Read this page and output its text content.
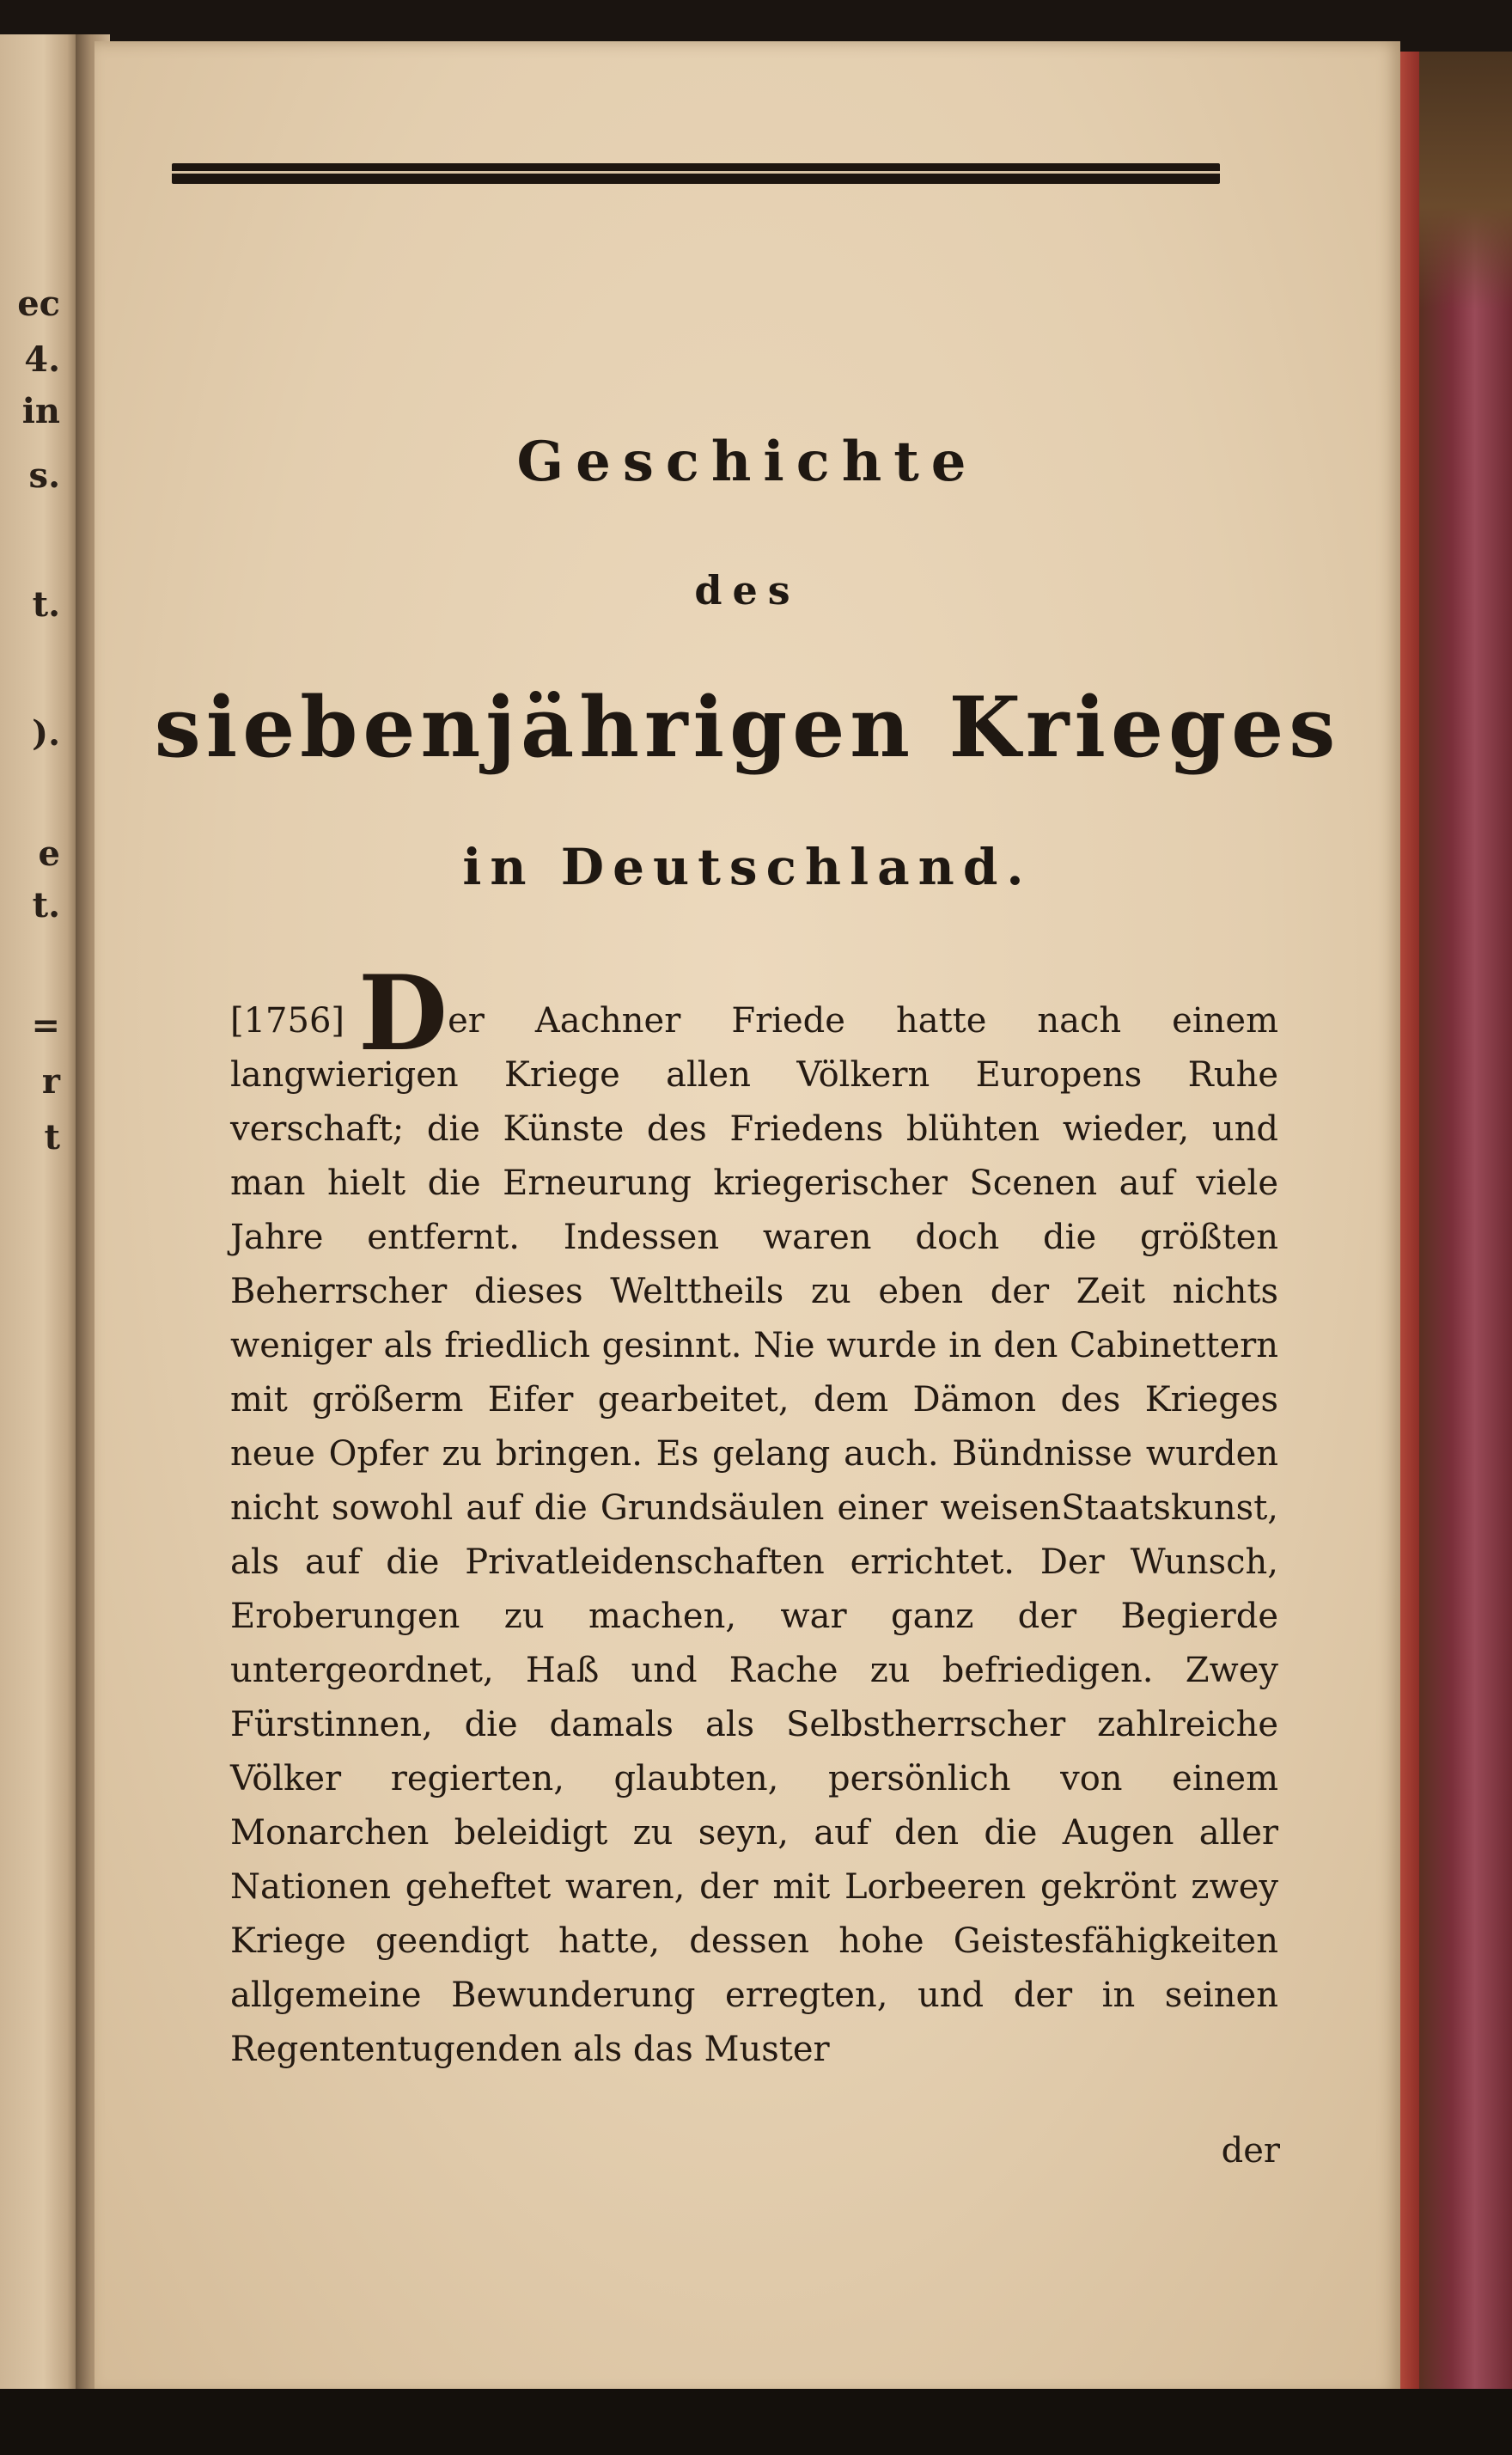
ec
4.
in
s.
t.
).
e
t.
=
r
t

Geschichte

des

siebenjährigen Krieges

in Deutschland.

[1756] Der Aachner Friede hatte nach einem langwierigen Kriege allen Völkern Europens Ruhe verschaft; die Künste des Friedens blühten wieder, und man hielt die Erneurung kriegerischer Scenen auf viele Jahre entfernt. Indessen waren doch die größten Beherrscher dieses Welttheils zu eben der Zeit nichts weniger als friedlich gesinnt. Nie wurde in den Cabinettern mit größerm Eifer gearbeitet, dem Dämon des Krieges neue Opfer zu bringen. Es gelang auch. Bündnisse wurden nicht sowohl auf die Grundsäulen einer weisenStaatskunst, als auf die Privatleidenschaften errichtet. Der Wunsch, Eroberungen zu machen, war ganz der Begierde untergeordnet, Haß und Rache zu befriedigen. Zwey Fürstinnen, die damals als Selbstherrscher zahlreiche Völker regierten, glaubten, persönlich von einem Monarchen beleidigt zu seyn, auf den die Augen aller Nationen geheftet waren, der mit Lorbeeren gekrönt zwey Kriege geendigt hatte, dessen hohe Geistesfähigkeiten allgemeine Bewunderung erregten, und der in seinen Regententugenden als das Muster

der
